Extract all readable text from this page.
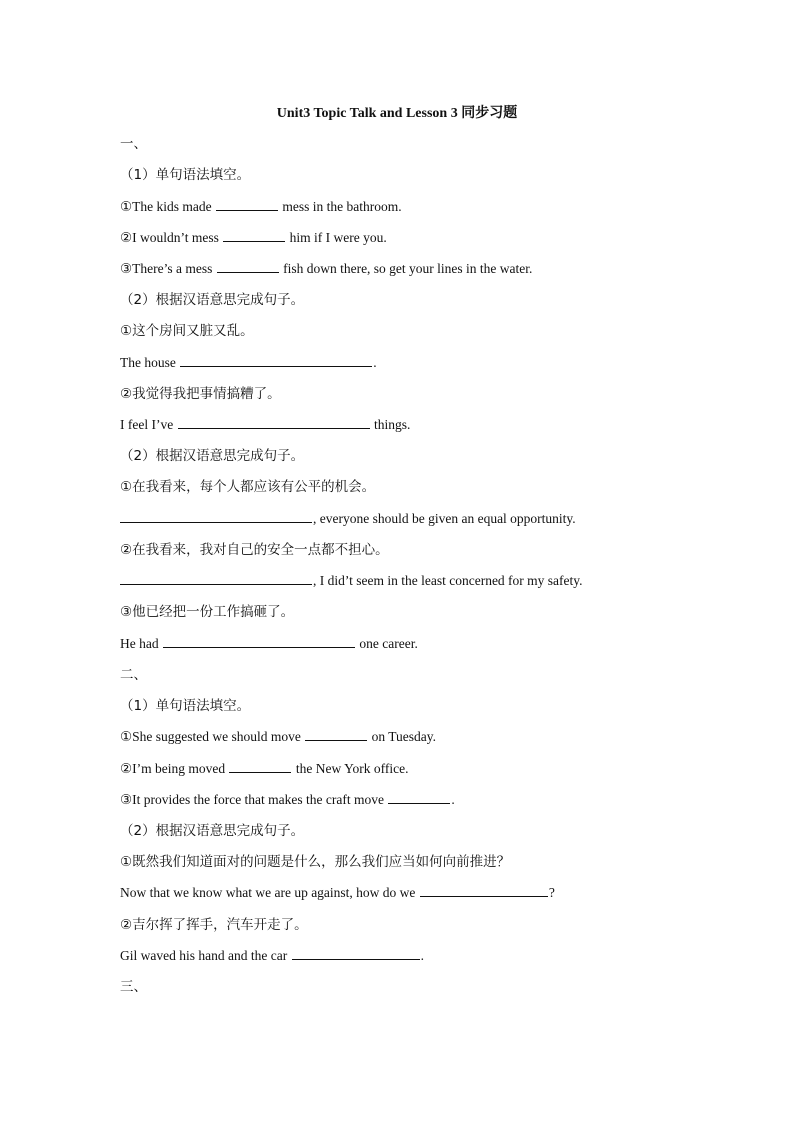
Unit3 Topic Talk and Lesson 3 同步习题
一、
（1）单句语法填空。
①The kids made	mess in the bathroom.
②I wouldn’t mess	him if I were you.
③There’s a mess	fish down there, so get your lines in the water.
（2）根据汉语意思完成句子。
①这个房间又脏又乱。
The house	.
②我觉得我把事情搞糟了。
I feel I’ve	things.
（2）根据汉语意思完成句子。
①在我看来，每个人都应该有公平的机会。
, everyone should be given an equal opportunity.
②在我看来，我对自己的安全一点都不担心。
, I did’t seem in the least concerned for my safety.
③他已经把一份工作搞砸了。
He had	one career.
二、
（1）单句语法填空。
①She suggested we should move	on Tuesday.
②I’m being moved	the New York office.
③It provides the force that makes the craft move	.
（2）根据汉语意思完成句子。
①既然我们知道面对的问题是什么，那么我们应当如何向前推进？
Now that we know what we are up against, how do we	?
②吉尔挥了挥手，汽车开走了。
Gil waved his hand and the car	.
三、
